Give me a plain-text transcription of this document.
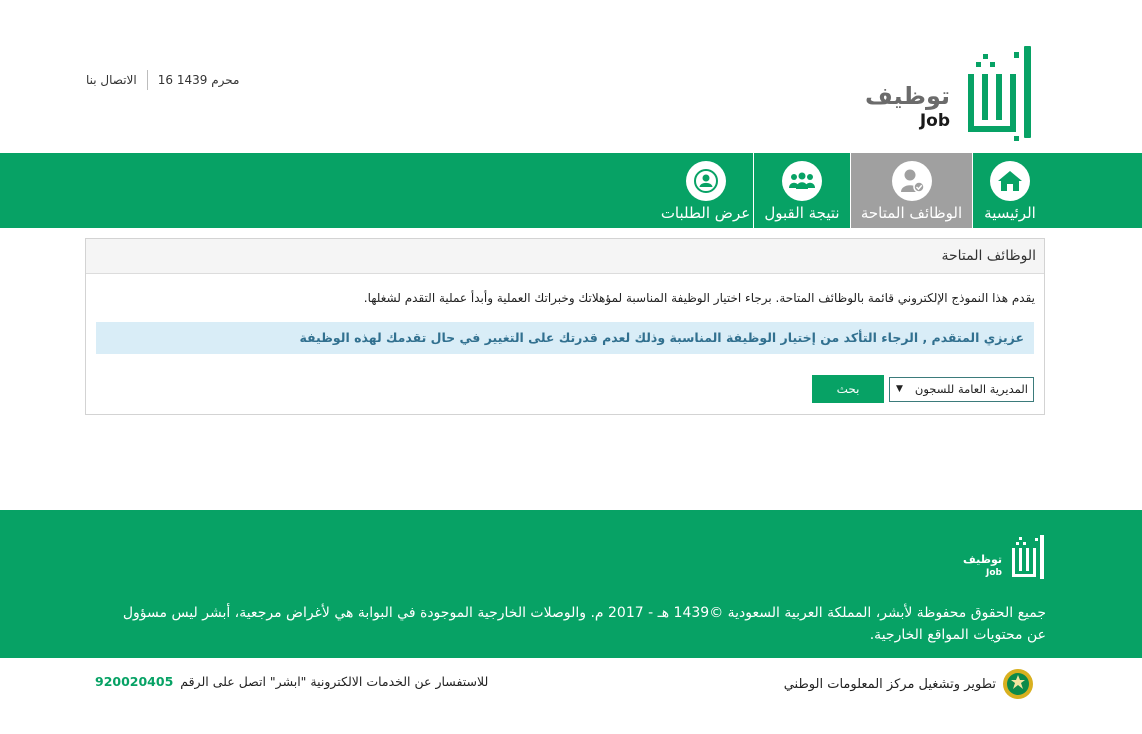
الاتصال بنا	16 محرم 1439
توظيف
Job
الرئيسية
الوظائف المتاحة
نتيجة القبول
عرض الطلبات
الوظائف المتاحة
يقدم هذا النموذج الإلكتروني قائمة بالوظائف المتاحة. برجاء اختيار الوظيفة المناسبة لمؤهلاتك وخبراتك العملية وأبدأ عملية التقدم لشغلها.
عزيزي المتقدم , الرجاء التأكد من إختيار الوظيفة المناسبة وذلك لعدم قدرتك على التغيير في حال تقدمك لهذه الوظيفة
المديرية العامة للسجون
▼
بحث
توظيف
Job
جميع الحقوق محفوظة لأبشر، المملكة العربية السعودية ©1439 هـ - 2017 م. والوصلات الخارجية الموجودة في البوابة هي لأغراض مرجعية، أبشر ليس مسؤول عن محتويات المواقع الخارجية.
تطوير وتشغيل مركز المعلومات الوطني
للاستفسار عن الخدمات الالكترونية "ابشر" اتصل على الرقم 920020405
